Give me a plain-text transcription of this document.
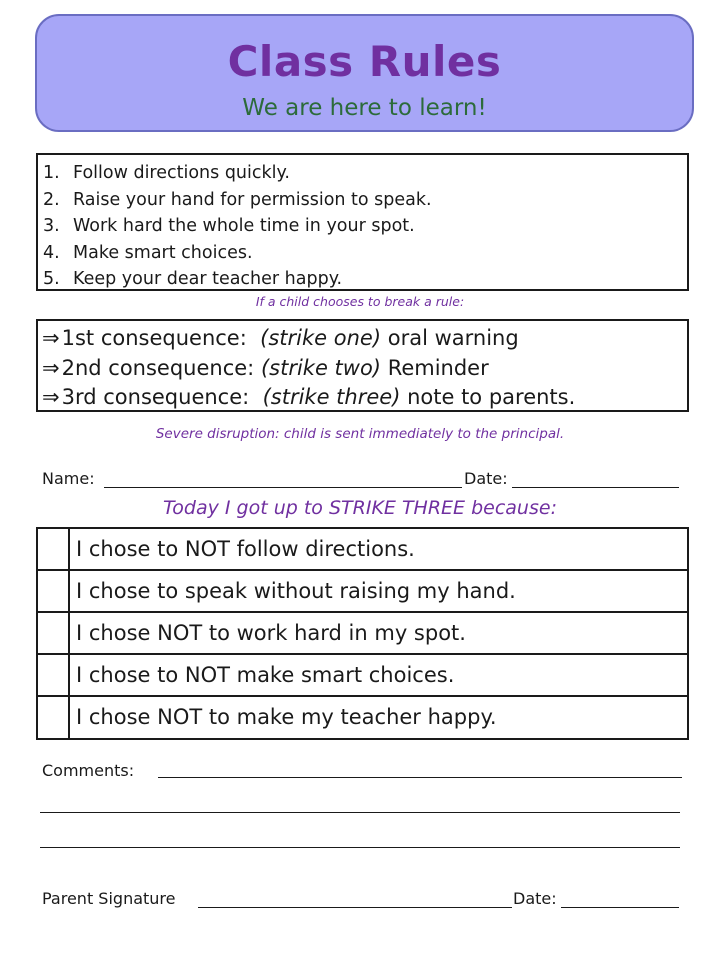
Class Rules
We are here to learn!
1. Follow directions quickly.
2. Raise your hand for permission to speak.
3. Work hard the whole time in your spot.
4. Make smart choices.
5. Keep your dear teacher happy.
If a child chooses to break a rule:
⇒1st consequence: (strike one) oral warning
⇒2nd consequence: (strike two) Reminder
⇒3rd consequence: (strike three) note to parents.
Severe disruption: child is sent immediately to the principal.
Name:	Date:
Today I got up to STRIKE THREE because:
I chose to NOT follow directions.
I chose to speak without raising my hand.
I chose NOT to work hard in my spot.
I chose to NOT make smart choices.
I chose NOT to make my teacher happy.
Comments:
Parent Signature	Date:
